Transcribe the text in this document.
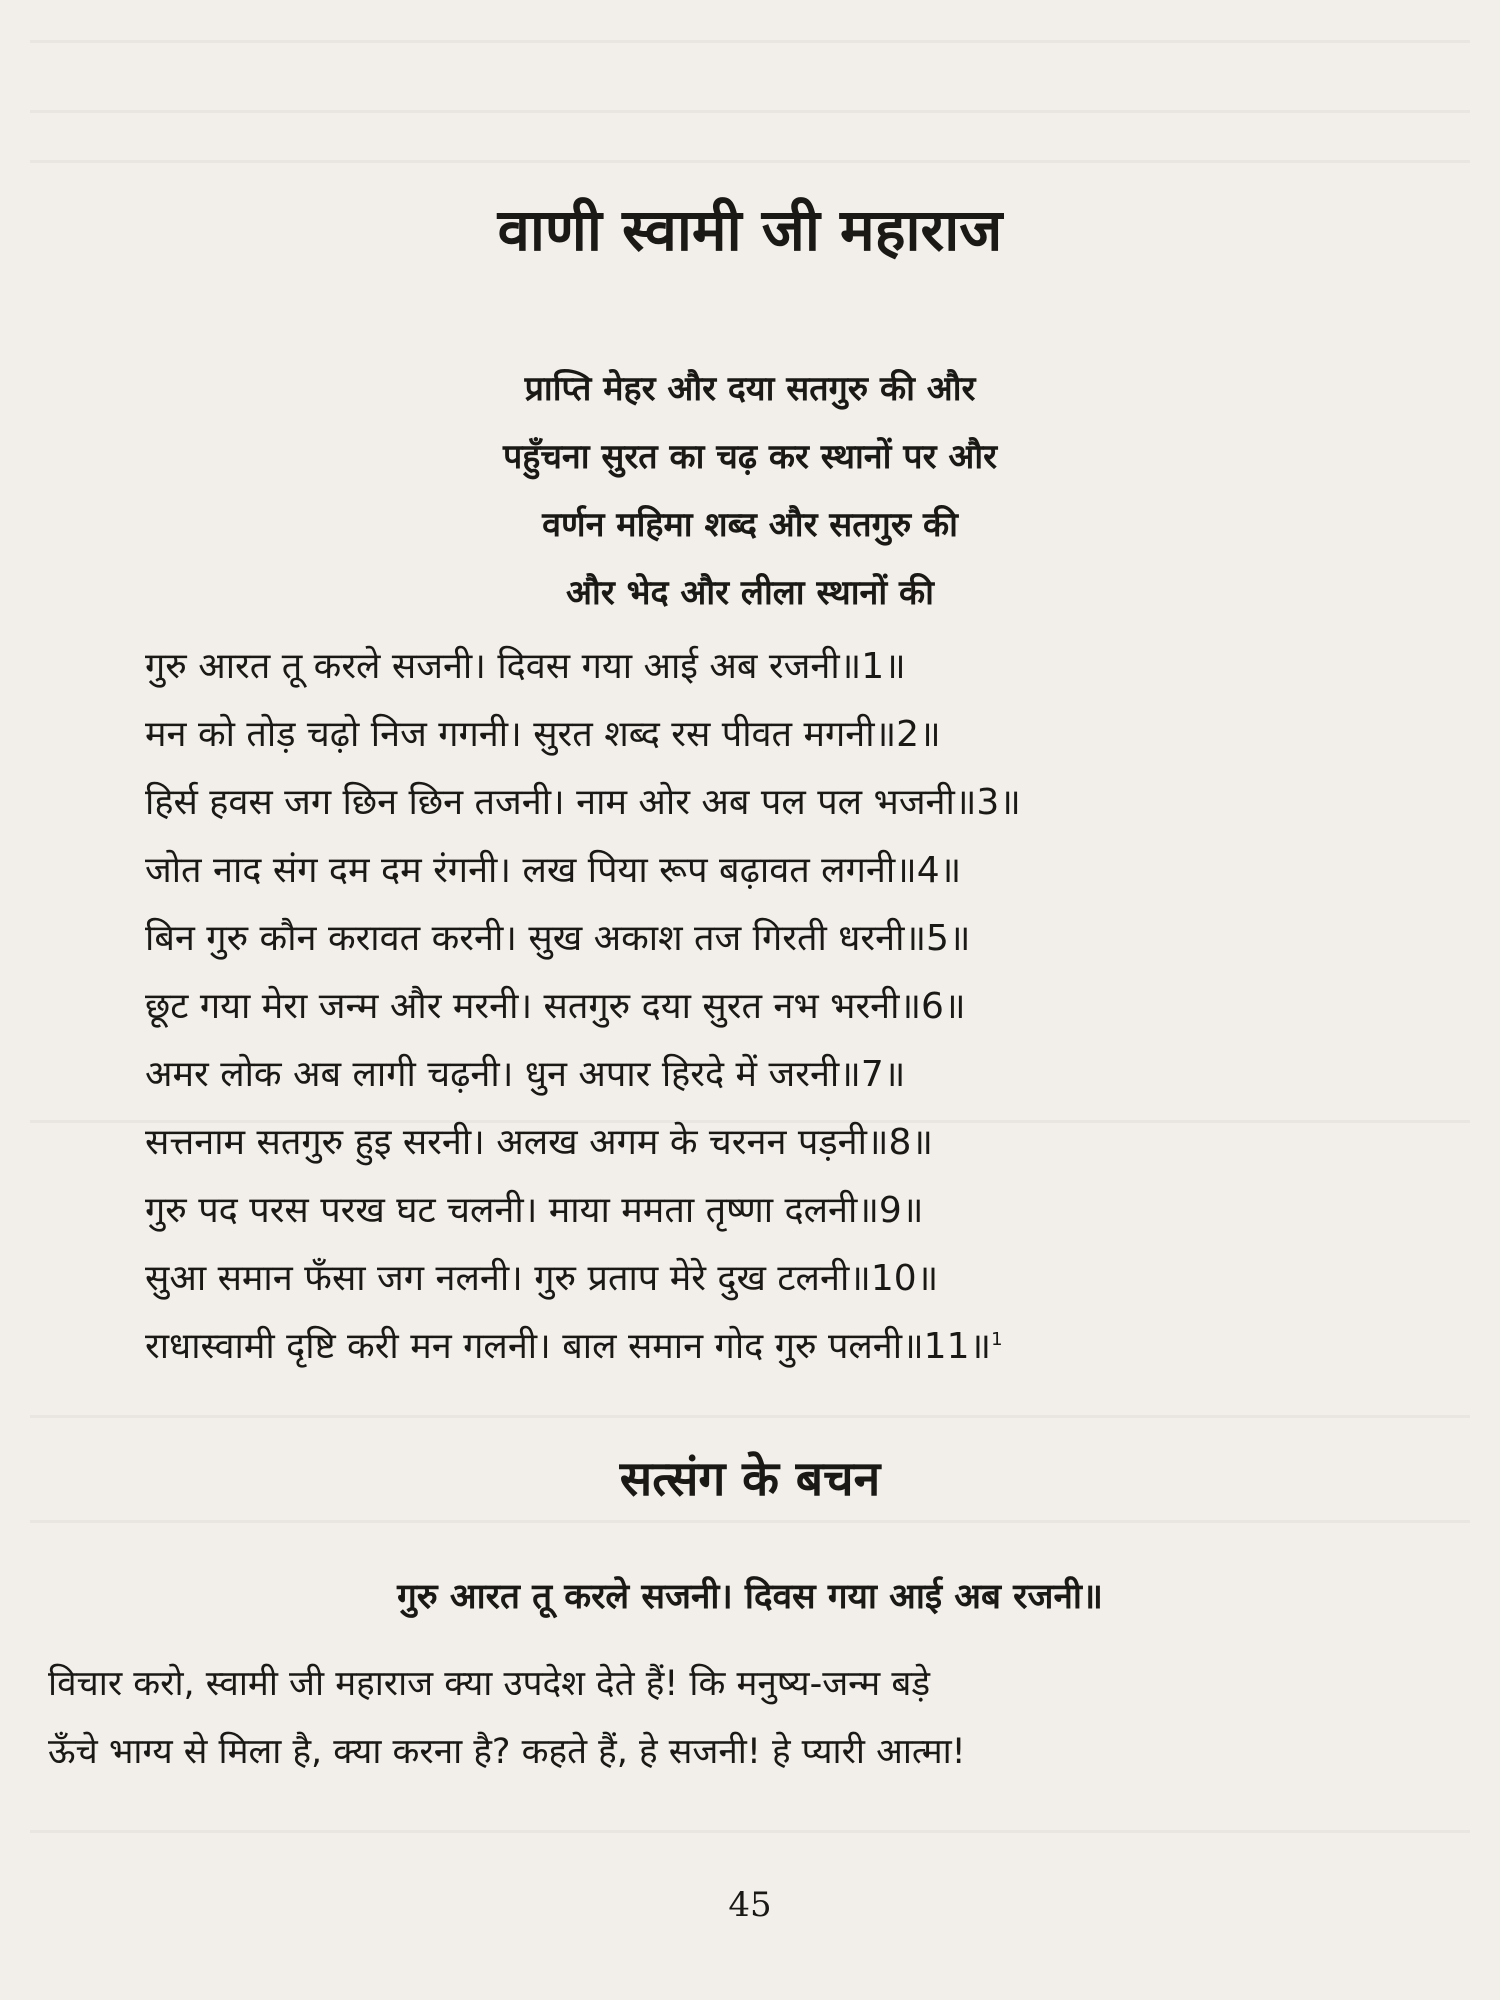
वाणी स्वामी जी महाराज
प्राप्ति मेहर और दया सतगुरु की और
पहुँचना सुरत का चढ़ कर स्थानों पर और
वर्णन महिमा शब्द और सतगुरु की
और भेद और लीला स्थानों की
गुरु आरत तू करले सजनी। दिवस गया आई अब रजनी॥1॥
मन को तोड़ चढ़ो निज गगनी। सुरत शब्द रस पीवत मगनी॥2॥
हिर्स हवस जग छिन छिन तजनी। नाम ओर अब पल पल भजनी॥3॥
जोत नाद संग दम दम रंगनी। लख पिया रूप बढ़ावत लगनी॥4॥
बिन गुरु कौन करावत करनी। सुख अकाश तज गिरती धरनी॥5॥
छूट गया मेरा जन्म और मरनी। सतगुरु दया सुरत नभ भरनी॥6॥
अमर लोक अब लागी चढ़नी। धुन अपार हिरदे में जरनी॥7॥
सत्तनाम सतगुरु हुइ सरनी। अलख अगम के चरनन पड़नी॥8॥
गुरु पद परस परख घट चलनी। माया ममता तृष्णा दलनी॥9॥
सुआ समान फँसा जग नलनी। गुरु प्रताप मेरे दुख टलनी॥10॥
राधास्वामी दृष्टि करी मन गलनी। बाल समान गोद गुरु पलनी॥11॥$^1$
सत्संग के बचन
गुरु आरत तू करले सजनी। दिवस गया आई अब रजनी॥
विचार करो, स्वामी जी महाराज क्या उपदेश देते हैं! कि मनुष्य-जन्म बड़े
ऊँचे भाग्य से मिला है, क्या करना है? कहते हैं, हे सजनी! हे प्यारी आत्मा!
45
